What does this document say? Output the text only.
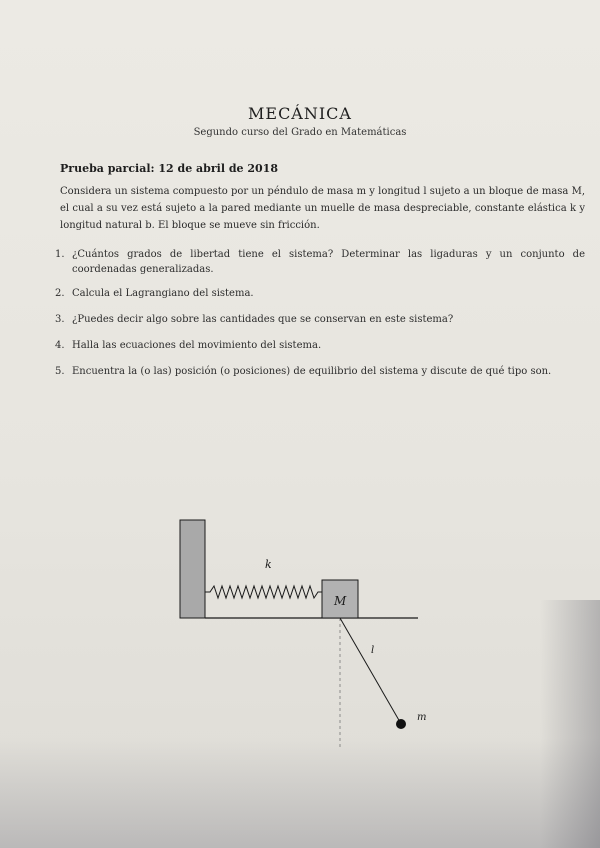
MECÁNICA
Segundo curso del Grado en Matemáticas
Prueba parcial: 12 de abril de 2018
Considera un sistema compuesto por un péndulo de masa m y longitud l sujeto a un bloque de masa M, el cual a su vez está sujeto a la pared mediante un muelle de masa despreciable, constante elástica k y longitud natural b. El bloque se mueve sin fricción.
1. ¿Cuántos grados de libertad tiene el sistema? Determinar las ligaduras y un conjunto de coordenadas generalizadas.
2. Calcula el Lagrangiano del sistema.
3. ¿Puedes decir algo sobre las cantidades que se conservan en este sistema?
4. Halla las ecuaciones del movimiento del sistema.
5. Encuentra la (o las) posición (o posiciones) de equilibrio del sistema y discute de qué tipo son.
k
M
l
m
